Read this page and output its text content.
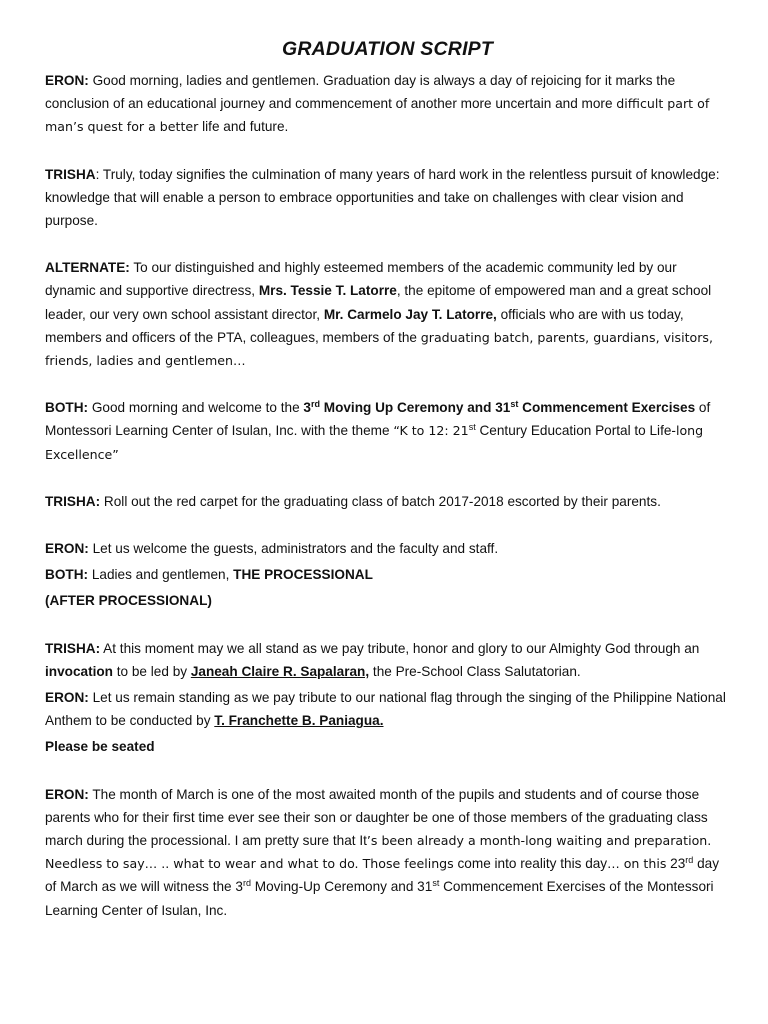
GRADUATION SCRIPT

ERON: Good morning, ladies and gentlemen. Graduation day is always a day of rejoicing for it marks the conclusion of an educational journey and commencement of another more uncertain and more difficult part of man’s quest for a better life and future.

TRISHA: Truly, today signifies the culmination of many years of hard work in the relentless pursuit of knowledge: knowledge that will enable a person to embrace opportunities and take on challenges with clear vision and purpose.

ALTERNATE: To our distinguished and highly esteemed members of the academic community led by our dynamic and supportive directress, Mrs. Tessie T. Latorre, the epitome of empowered man and a great school leader, our very own school assistant director, Mr. Carmelo Jay T. Latorre, officials who are with us today, members and officers of the PTA, colleagues, members of the graduating batch, parents, guardians, visitors, friends, ladies and gentlemen…

BOTH: Good morning and welcome to the 3rd Moving Up Ceremony and 31st Commencement Exercises of Montessori Learning Center of Isulan, Inc. with the theme “K to 12: 21st Century Education Portal to Life-long Excellence”

TRISHA: Roll out the red carpet for the graduating class of batch 2017-2018 escorted by their parents.

ERON: Let us welcome the guests, administrators and the faculty and staff.

BOTH: Ladies and gentlemen, THE PROCESSIONAL

(AFTER PROCESSIONAL)

TRISHA: At this moment may we all stand as we pay tribute, honor and glory to our Almighty God through an invocation to be led by Janeah Claire R. Sapalaran, the Pre-School Class Salutatorian.

ERON: Let us remain standing as we pay tribute to our national flag through the singing of the Philippine National Anthem to be conducted by T. Franchette B. Paniagua.

Please be seated

ERON: The month of March is one of the most awaited month of the pupils and students and of course those parents who for their first time ever see their son or daughter be one of those members of the graduating class march during the processional. I am pretty sure that It’s been already a month-long waiting and preparation. Needless to say… .. what to wear and what to do. Those feelings come into reality this day… on this 23rd day of March as we will witness the 3rd Moving-Up Ceremony and 31st Commencement Exercises of the Montessori Learning Center of Isulan, Inc.
